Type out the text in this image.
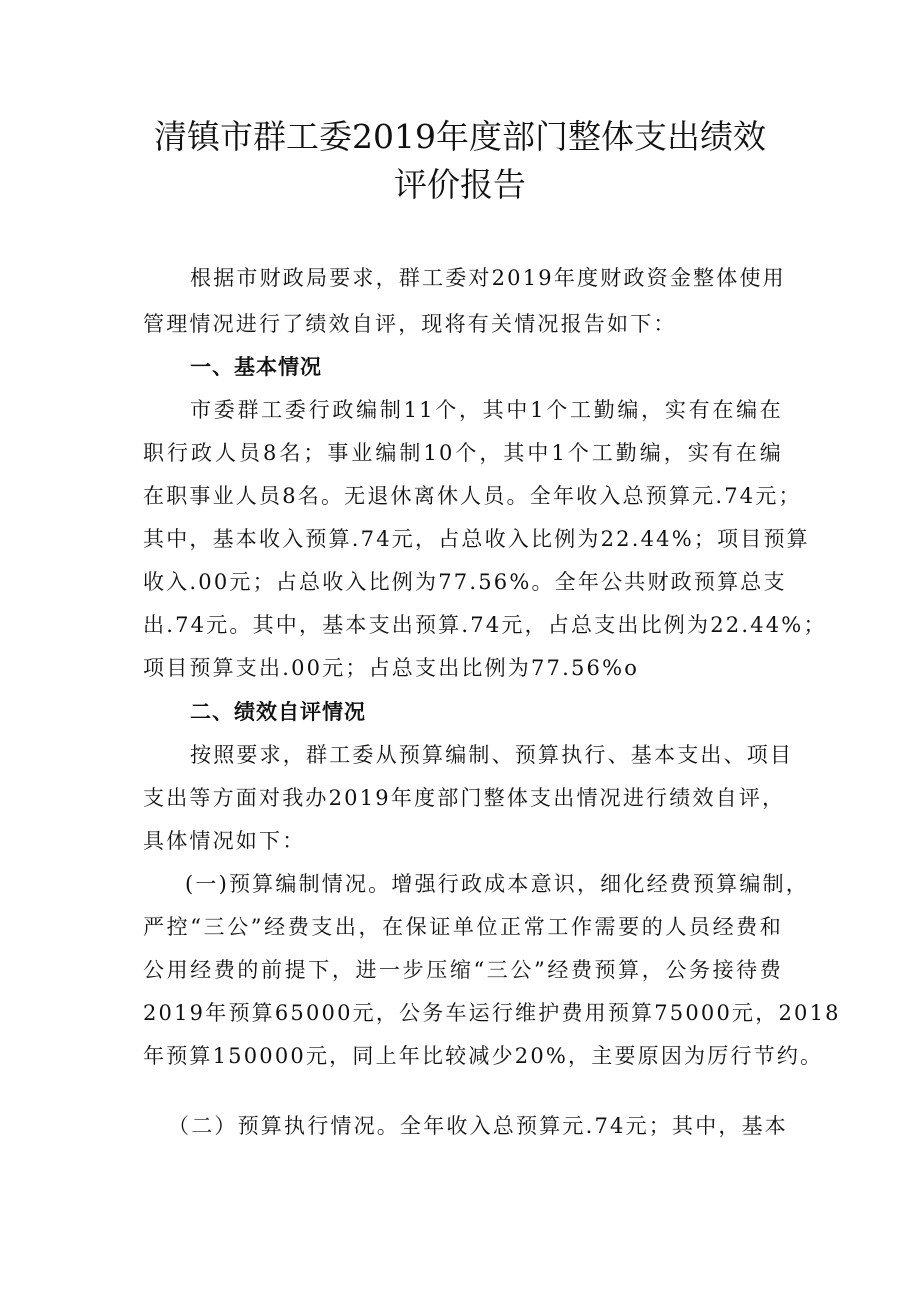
清镇市群工委2019年度部门整体支出绩效
评价报告
根据市财政局要求，群工委对2019年度财政资金整体使用
管理情况进行了绩效自评，现将有关情况报告如下：
一、基本情况
市委群工委行政编制11个，其中1个工勤编，实有在编在
职行政人员8名；事业编制10个，其中1个工勤编，实有在编
在职事业人员8名。无退休离休人员。全年收入总预算元.74元；
其中，基本收入预算.74元，占总收入比例为22.44%；项目预算
收入.00元；占总收入比例为77.56%。全年公共财政预算总支
出.74元。其中，基本支出预算.74元，占总支出比例为22.44%；
项目预算支出.00元；占总支出比例为77.56%o
二、绩效自评情况
按照要求，群工委从预算编制、预算执行、基本支出、项目
支出等方面对我办2019年度部门整体支出情况进行绩效自评，
具体情况如下：
(一)预算编制情况。增强行政成本意识，细化经费预算编制，
严控“三公”经费支出，在保证单位正常工作需要的人员经费和
公用经费的前提下，进一步压缩“三公”经费预算，公务接待费
2019年预算65000元，公务车运行维护费用预算75000元，2018
年预算150000元，同上年比较减少20%，主要原因为厉行节约。
（二）预算执行情况。全年收入总预算元.74元；其中，基本
